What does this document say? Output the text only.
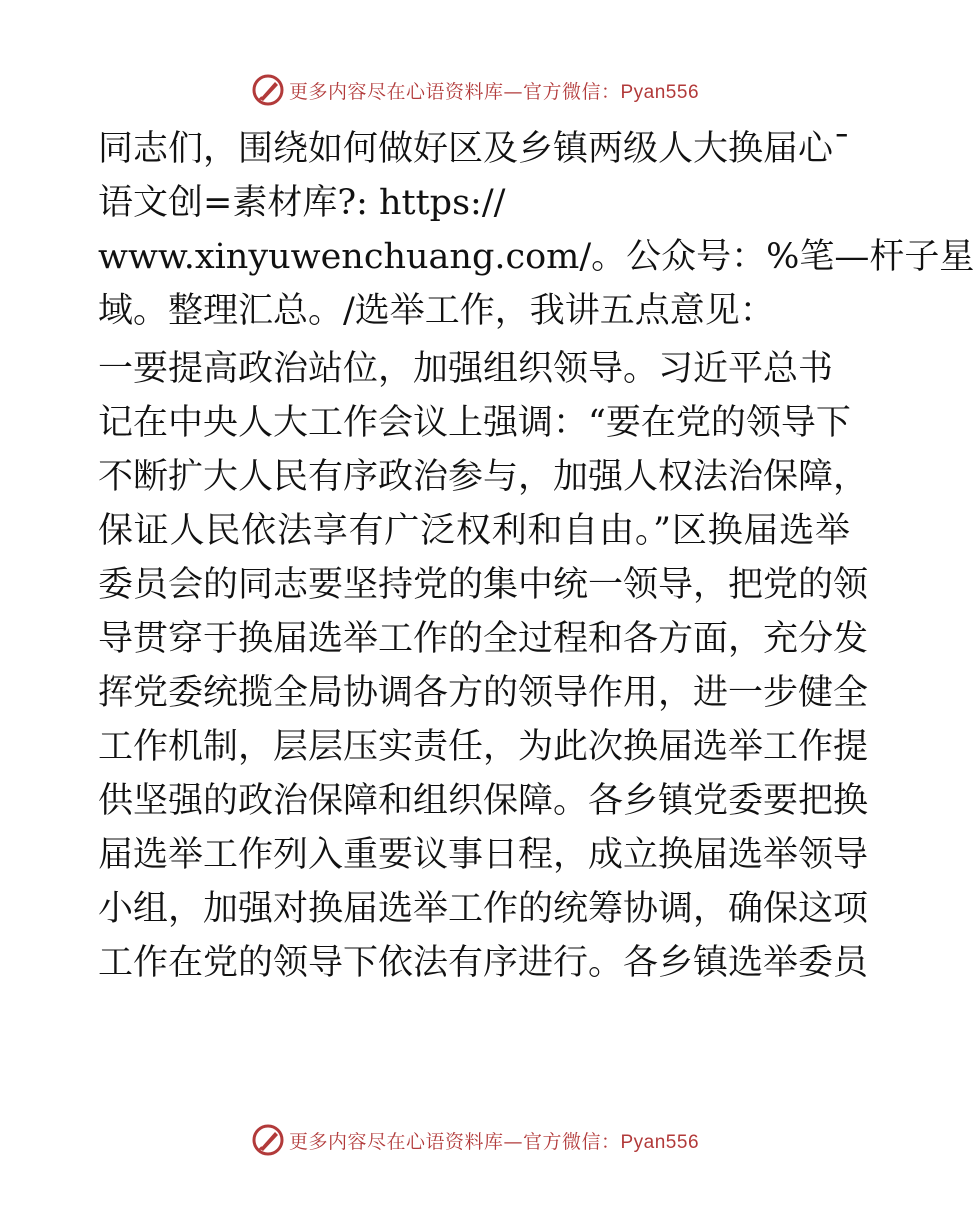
更多内容尽在心语资料库—官方微信：Pyan556
同志们，围绕如何做好区及乡镇两级人大换届心¯
语文创=素材库?: https://
www.xinyuwenchuang.com/。公众号：%笔—杆子星
域。整理汇总。/选举工作，我讲五点意见：
一要提高政治站位，加强组织领导。习近平总书
记在中央人大工作会议上强调：“要在党的领导下
不断扩大人民有序政治参与，加强人权法治保障，
保证人民依法享有广泛权利和自由。”区换届选举
委员会的同志要坚持党的集中统一领导，把党的领
导贯穿于换届选举工作的全过程和各方面，充分发
挥党委统揽全局协调各方的领导作用，进一步健全
工作机制，层层压实责任，为此次换届选举工作提
供坚强的政治保障和组织保障。各乡镇党委要把换
届选举工作列入重要议事日程，成立换届选举领导
小组，加强对换届选举工作的统筹协调，确保这项
工作在党的领导下依法有序进行。各乡镇选举委员
更多内容尽在心语资料库—官方微信：Pyan556
